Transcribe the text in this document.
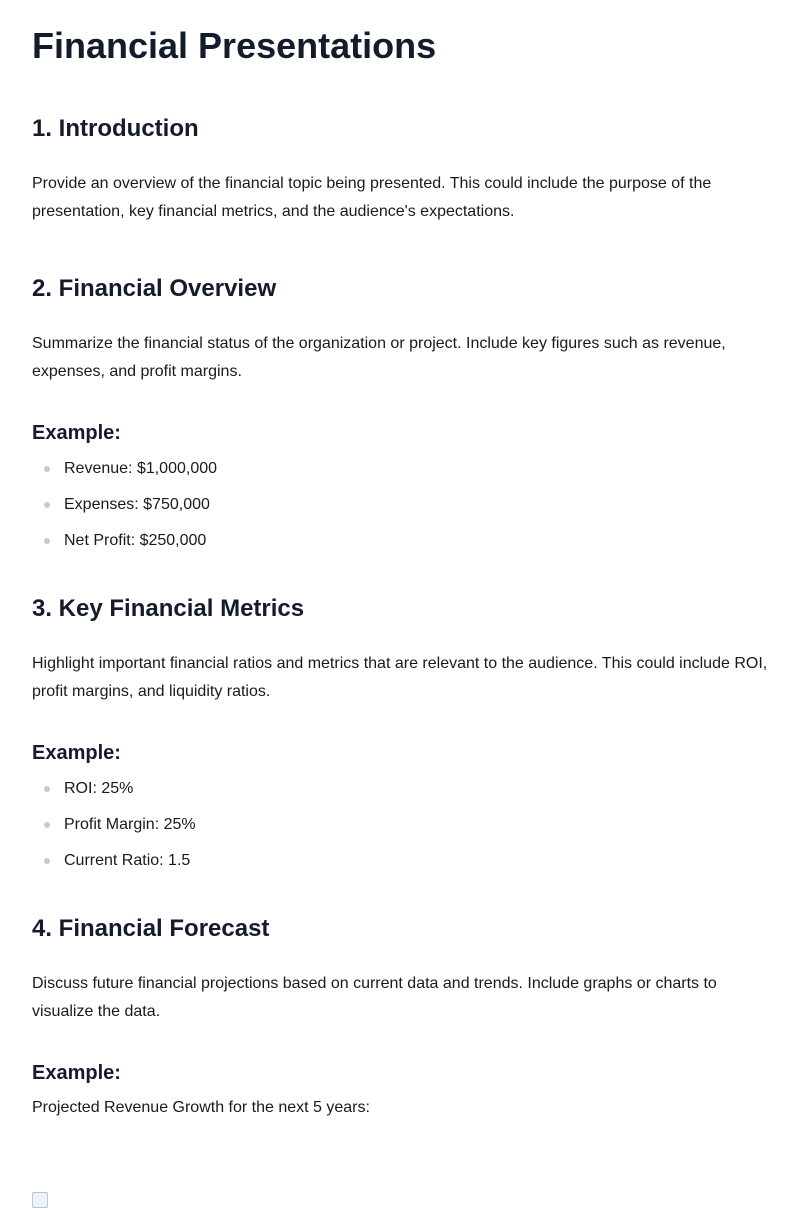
Financial Presentations
1. Introduction

Provide an overview of the financial topic being presented. This could include the purpose of the presentation, key financial metrics, and the audience's expectations.

2. Financial Overview

Summarize the financial status of the organization or project. Include key figures such as revenue, expenses, and profit margins.

Example:
Revenue: $1,000,000
Expenses: $750,000
Net Profit: $250,000
3. Key Financial Metrics

Highlight important financial ratios and metrics that are relevant to the audience. This could include ROI, profit margins, and liquidity ratios.

Example:
ROI: 25%
Profit Margin: 25%
Current Ratio: 1.5
4. Financial Forecast

Discuss future financial projections based on current data and trends. Include graphs or charts to visualize the data.

Example:

Projected Revenue Growth for the next 5 years:
